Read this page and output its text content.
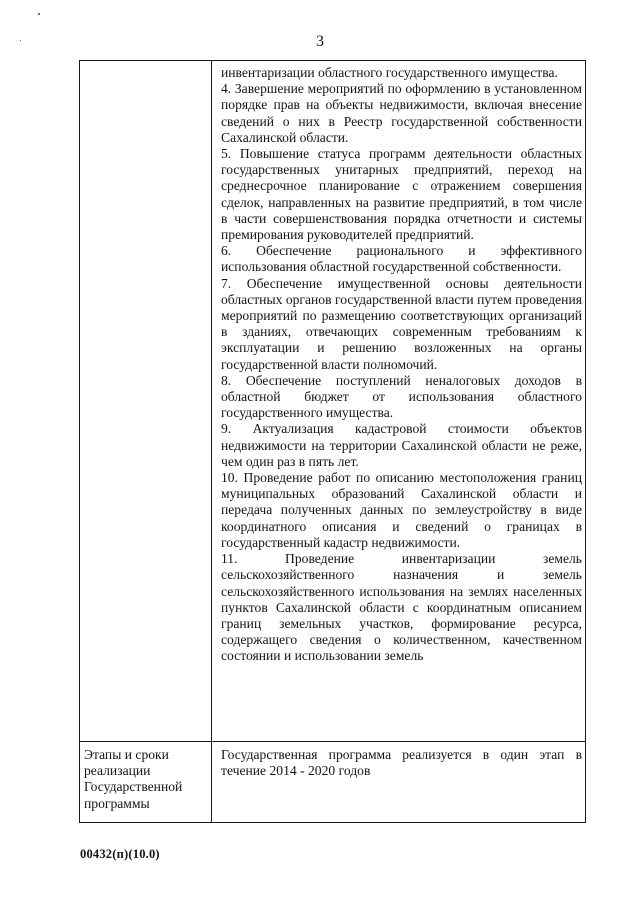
3

инвентаризации областного государственного имущества.

4. Завершение мероприятий по оформлению в установленном порядке прав на объекты недвижимости, включая внесение сведений о них в Реестр государственной собственности Сахалинской области.

5. Повышение статуса программ деятельности областных государственных унитарных предприятий, переход на среднесрочное планирование с отражением совершения сделок, направленных на развитие предприятий, в том числе в части совершенствования порядка отчетности и системы премирования руководителей предприятий.

6. Обеспечение рационального и эффективного использования областной государственной собственности.

7. Обеспечение имущественной основы деятельности областных органов государственной власти путем проведения мероприятий по размещению соответствующих организаций в зданиях, отвечающих современным требованиям к эксплуатации и решению возложенных на органы государственной власти полномочий.

8. Обеспечение поступлений неналоговых доходов в областной бюджет от использования областного государственного имущества.

9. Актуализация кадастровой стоимости объектов недвижимости на территории Сахалинской области не реже, чем один раз в пять лет.

10. Проведение работ по описанию местоположения границ муниципальных образований Сахалинской области и передача полученных данных по землеустройству в виде координатного описания и сведений о границах в государственный кадастр недвижимости.

11. Проведение инвентаризации земель сельскохозяйственного назначения и земель сельскохозяйственного использования на землях населенных пунктов Сахалинской области с координатным описанием границ земельных участков, формирование ресурса, содержащего сведения о количественном, качественном состоянии и использовании земель

Этапы и сроки реализации Государственной программы

Государственная программа реализуется в один этап в течение 2014 - 2020 годов

00432(п)(10.0)
